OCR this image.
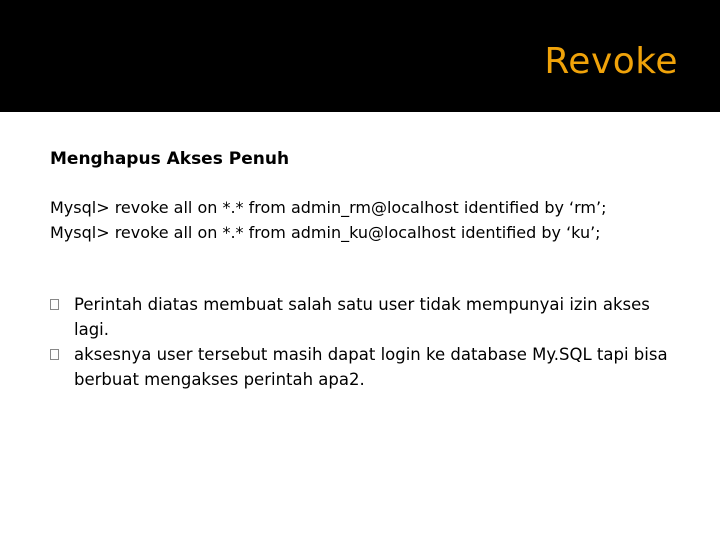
Revoke
Menghapus Akses Penuh
Mysql> revoke all on *.* from admin_rm@localhost identified by ‘rm’;
Mysql> revoke all on *.* from admin_ku@localhost identified by ‘ku’;
Perintah diatas membuat salah satu user tidak mempunyai izin akses lagi.
aksesnya user tersebut masih dapat login ke database My.SQL tapi bisa berbuat mengakses perintah apa2.
